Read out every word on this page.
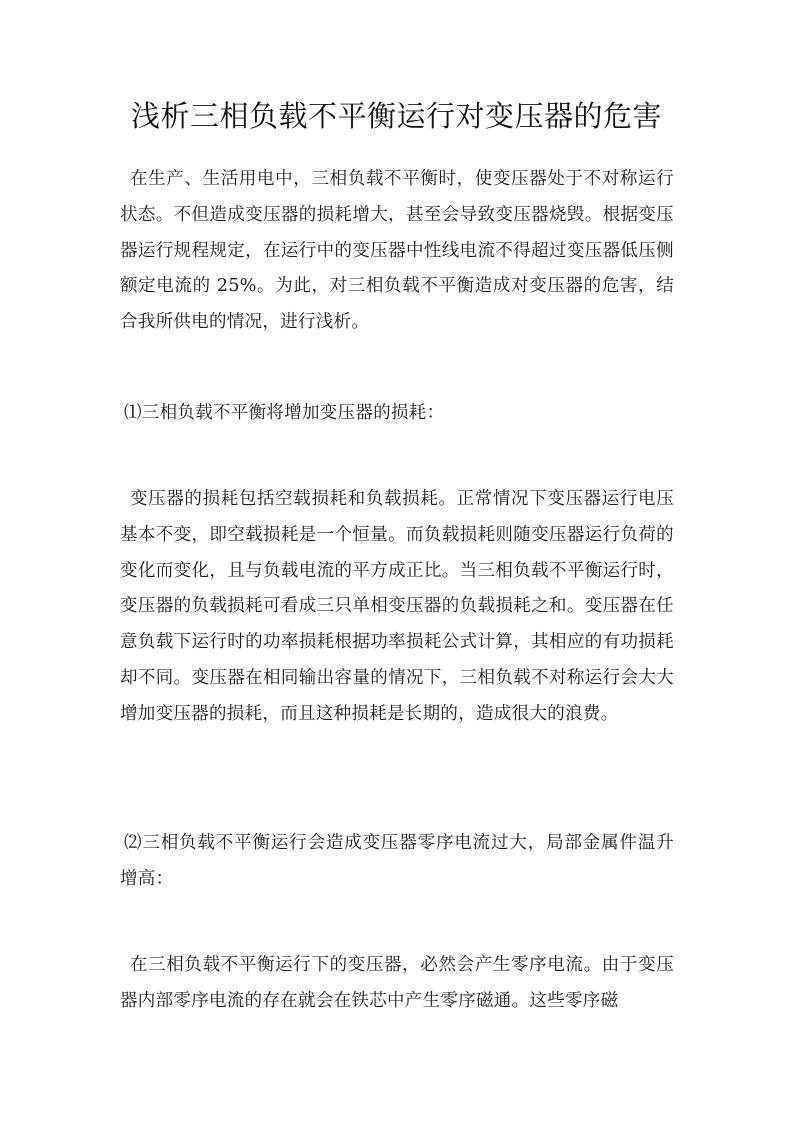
浅析三相负载不平衡运行对变压器的危害

在生产、生活用电中，三相负载不平衡时，使变压器处于不对称运行状态。不但造成变压器的损耗增大，甚至会导致变压器烧毁。根据变压器运行规程规定，在运行中的变压器中性线电流不得超过变压器低压侧额定电流的 25%。为此，对三相负载不平衡造成对变压器的危害，结合我所供电的情况，进行浅析。

⑴三相负载不平衡将增加变压器的损耗：

变压器的损耗包括空载损耗和负载损耗。正常情况下变压器运行电压基本不变，即空载损耗是一个恒量。而负载损耗则随变压器运行负荷的变化而变化，且与负载电流的平方成正比。当三相负载不平衡运行时，变压器的负载损耗可看成三只单相变压器的负载损耗之和。变压器在任意负载下运行时的功率损耗根据功率损耗公式计算，其相应的有功损耗却不同。变压器在相同输出容量的情况下，三相负载不对称运行会大大增加变压器的损耗，而且这种损耗是长期的，造成很大的浪费。

⑵三相负载不平衡运行会造成变压器零序电流过大，局部金属件温升增高：

在三相负载不平衡运行下的变压器，必然会产生零序电流。由于变压器内部零序电流的存在就会在铁芯中产生零序磁通。这些零序磁
